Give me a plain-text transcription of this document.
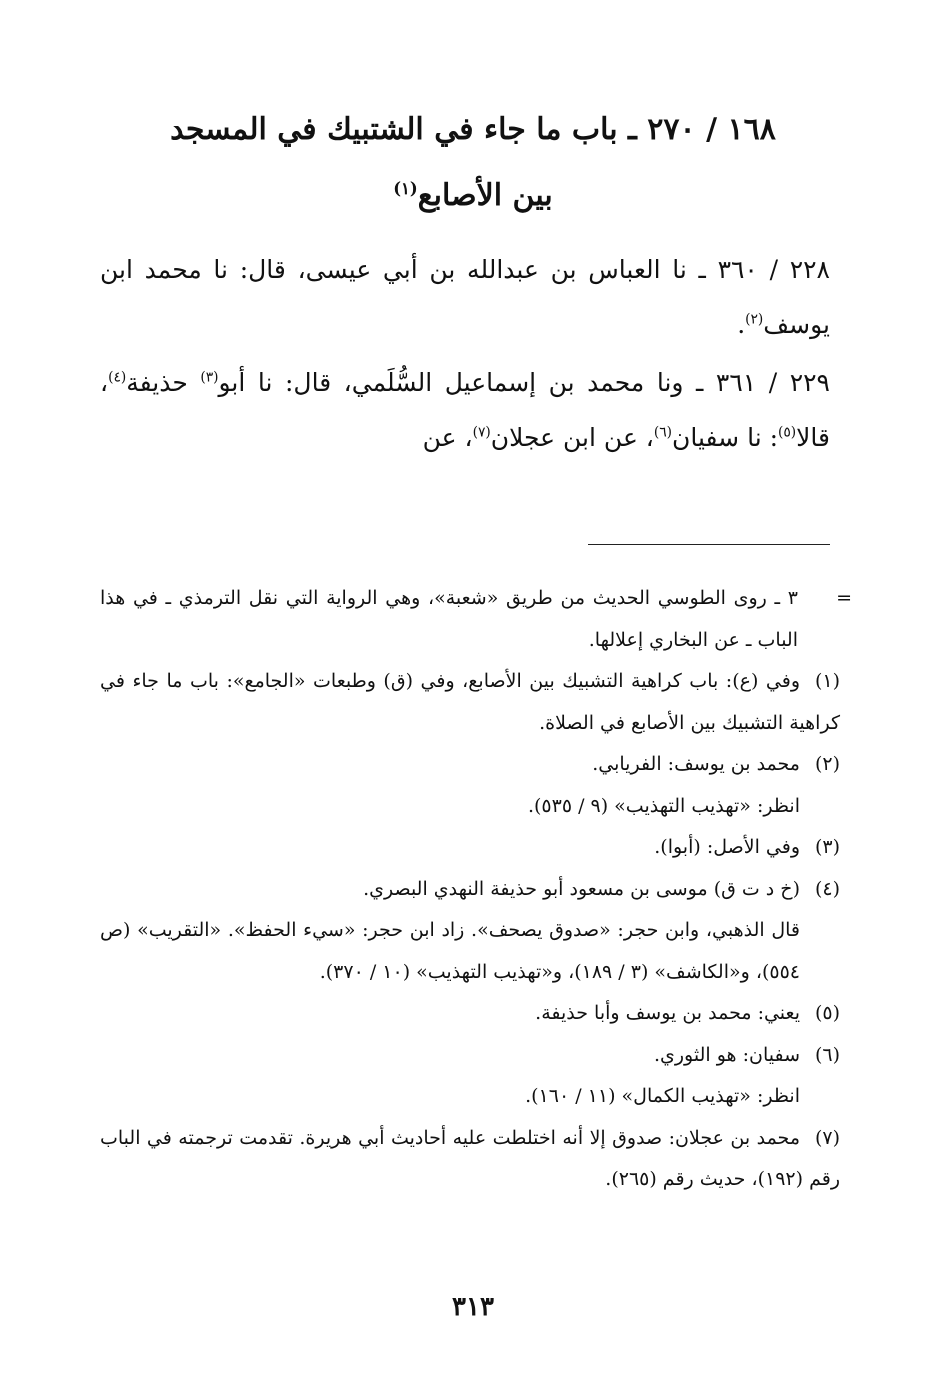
١٦٨ / ٢٧٠ ـ باب ما جاء في الشتبيك في المسجد
بين الأصابع$^{(١)}$
٢٢٨ / ٣٦٠ ـ نا العباس بن عبدالله بن أبي عيسى، قال: نا محمد ابن يوسف$^{(٢)}$.
٢٢٩ / ٣٦١ ـ ونا محمد بن إسماعيل السُّلَمي، قال: نا أبو$^{(٣)}$ حذيفة$^{(٤)}$، قالا$^{(٥)}$: نا سفيان$^{(٦)}$، عن ابن عجلان$^{(٧)}$، عن
=
٣ ـ روى الطوسي الحديث من طريق «شعبة»، وهي الرواية التي نقل الترمذي ـ في هذا الباب ـ عن البخاري إعلالها.
(١)وفي (ع): باب كراهية التشبيك بين الأصابع، وفي (ق) وطبعات «الجامع»: باب ما جاء في كراهية التشبيك بين الأصابع في الصلاة.
(٢)محمد بن يوسف: الفريابي.
انظر: «تهذيب التهذيب» (٩ / ٥٣٥).
(٣)وفي الأصل: (أبوا).
(٤)(خ د ت ق) موسى بن مسعود أبو حذيفة النهدي البصري.
قال الذهبي، وابن حجر: «صدوق يصحف». زاد ابن حجر: «سيء الحفظ». «التقريب» (ص ٥٥٤)، و«الكاشف» (٣ / ١٨٩)، و«تهذيب التهذيب» (١٠ / ٣٧٠).
(٥)يعني: محمد بن يوسف وأبا حذيفة.
(٦)سفيان: هو الثوري.
انظر: «تهذيب الكمال» (١١ / ١٦٠).
(٧)محمد بن عجلان: صدوق إلا أنه اختلطت عليه أحاديث أبي هريرة. تقدمت ترجمته في الباب رقم (١٩٢)، حديث رقم (٢٦٥).
٣١٣
